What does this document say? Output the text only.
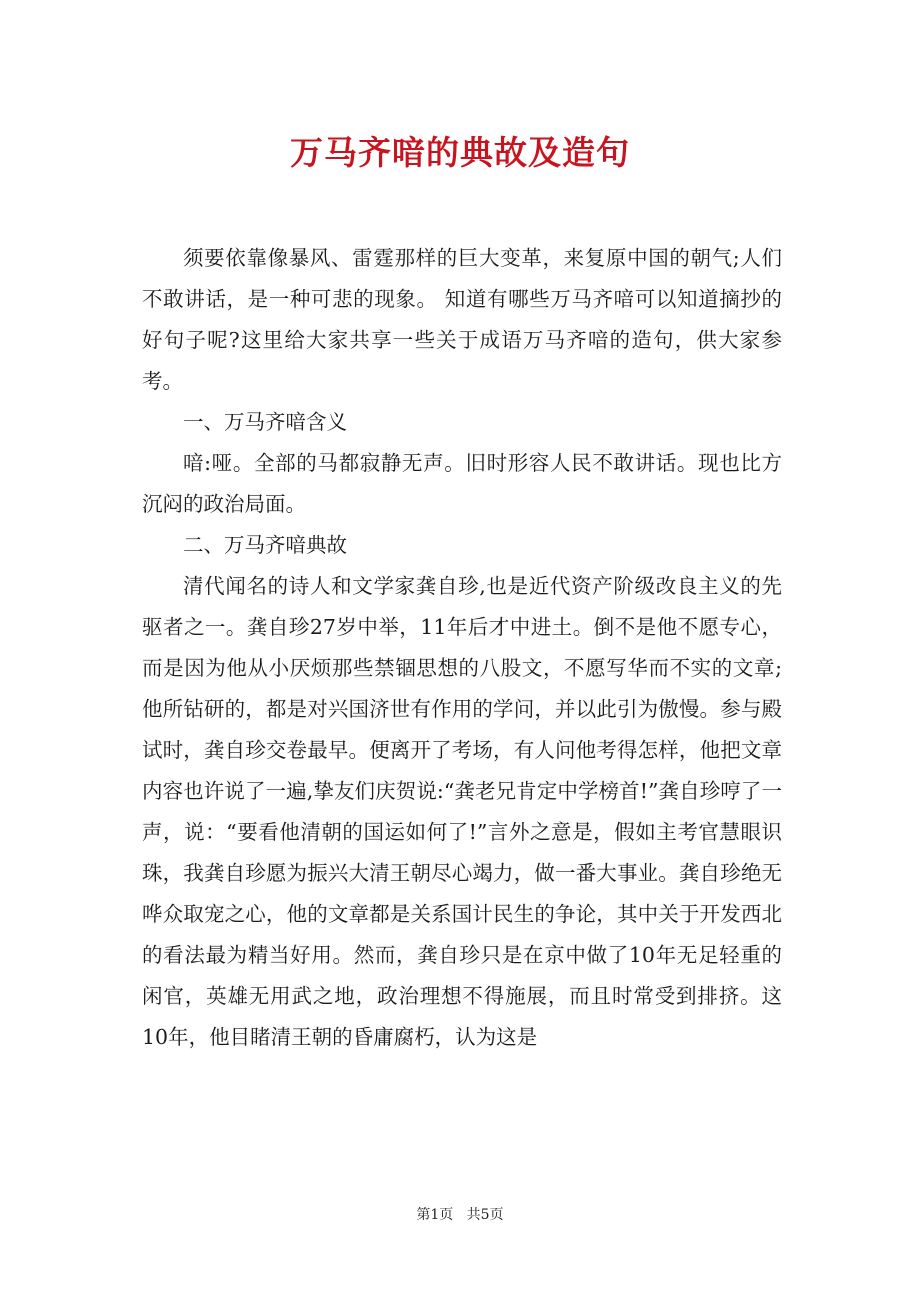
万马齐喑的典故及造句

须要依靠像暴风、雷霆那样的巨大变革，来复原中国的朝气;人们不敢讲话，是一种可悲的现象。 知道有哪些万马齐喑可以知道摘抄的好句子呢?这里给大家共享一些关于成语万马齐喑的造句，供大家参考。

一、万马齐喑含义

喑:哑。全部的马都寂静无声。旧时形容人民不敢讲话。现也比方沉闷的政治局面。

二、万马齐喑典故

清代闻名的诗人和文学家龚自珍,也是近代资产阶级改良主义的先驱者之一。龚自珍27岁中举，11年后才中进土。倒不是他不愿专心，而是因为他从小厌烦那些禁锢思想的八股文，不愿写华而不实的文章;他所钻研的，都是对兴国济世有作用的学问，并以此引为傲慢。参与殿试时，龚自珍交卷最早。便离开了考场，有人问他考得怎样，他把文章内容也许说了一遍,挚友们庆贺说:“龚老兄肯定中学榜首!”龚自珍哼了一声，说：“要看他清朝的国运如何了!”言外之意是，假如主考官慧眼识珠，我龚自珍愿为振兴大清王朝尽心竭力，做一番大事业。龚自珍绝无哗众取宠之心，他的文章都是关系国计民生的争论，其中关于开发西北的看法最为精当好用。然而，龚自珍只是在京中做了10年无足轻重的闲官，英雄无用武之地，政治理想不得施展，而且时常受到排挤。这10年，他目睹清王朝的昏庸腐朽，认为这是

第1页 共5页
